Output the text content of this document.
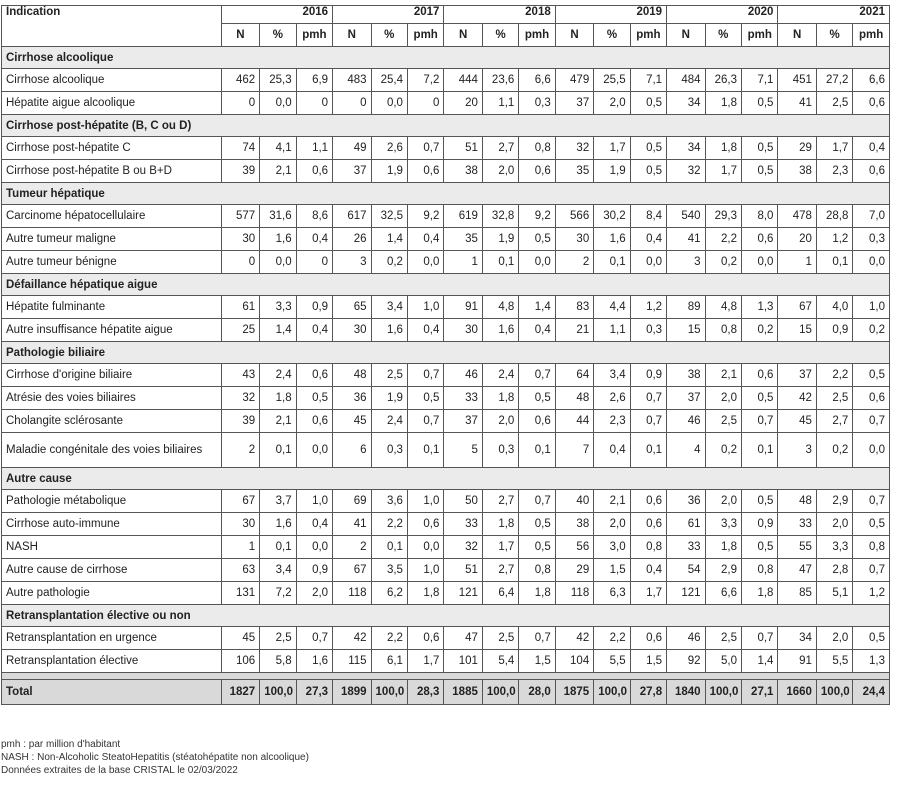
Indication	2016			2017			2018			2019			2020			2021		
	N	%	pmh	N	%	pmh	N	%	pmh	N	%	pmh	N	%	pmh	N	%	pmh
Cirrhose alcoolique																		
Cirrhose alcoolique	462	25,3	6,9	483	25,4	7,2	444	23,6	6,6	479	25,5	7,1	484	26,3	7,1	451	27,2	6,6
Hépatite aigue alcoolique	0	0,0	0	0	0,0	0	20	1,1	0,3	37	2,0	0,5	34	1,8	0,5	41	2,5	0,6
Cirrhose post-hépatite (B, C ou D)																		
Cirrhose post-hépatite C	74	4,1	1,1	49	2,6	0,7	51	2,7	0,8	32	1,7	0,5	34	1,8	0,5	29	1,7	0,4
Cirrhose post-hépatite B ou B+D	39	2,1	0,6	37	1,9	0,6	38	2,0	0,6	35	1,9	0,5	32	1,7	0,5	38	2,3	0,6
Tumeur hépatique																		
Carcinome hépatocellulaire	577	31,6	8,6	617	32,5	9,2	619	32,8	9,2	566	30,2	8,4	540	29,3	8,0	478	28,8	7,0
Autre tumeur maligne	30	1,6	0,4	26	1,4	0,4	35	1,9	0,5	30	1,6	0,4	41	2,2	0,6	20	1,2	0,3
Autre tumeur bénigne	0	0,0	0	3	0,2	0,0	1	0,1	0,0	2	0,1	0,0	3	0,2	0,0	1	0,1	0,0
Défaillance hépatique aigue																		
Hépatite fulminante	61	3,3	0,9	65	3,4	1,0	91	4,8	1,4	83	4,4	1,2	89	4,8	1,3	67	4,0	1,0
Autre insuffisance hépatite aigue	25	1,4	0,4	30	1,6	0,4	30	1,6	0,4	21	1,1	0,3	15	0,8	0,2	15	0,9	0,2
Pathologie biliaire																		
Cirrhose d'origine biliaire	43	2,4	0,6	48	2,5	0,7	46	2,4	0,7	64	3,4	0,9	38	2,1	0,6	37	2,2	0,5
Atrésie des voies biliaires	32	1,8	0,5	36	1,9	0,5	33	1,8	0,5	48	2,6	0,7	37	2,0	0,5	42	2,5	0,6
Cholangite sclérosante	39	2,1	0,6	45	2,4	0,7	37	2,0	0,6	44	2,3	0,7	46	2,5	0,7	45	2,7	0,7
Maladie congénitale des voies biliaires	2	0,1	0,0	6	0,3	0,1	5	0,3	0,1	7	0,4	0,1	4	0,2	0,1	3	0,2	0,0
Autre cause																		
Pathologie métabolique	67	3,7	1,0	69	3,6	1,0	50	2,7	0,7	40	2,1	0,6	36	2,0	0,5	48	2,9	0,7
Cirrhose auto-immune	30	1,6	0,4	41	2,2	0,6	33	1,8	0,5	38	2,0	0,6	61	3,3	0,9	33	2,0	0,5
NASH	1	0,1	0,0	2	0,1	0,0	32	1,7	0,5	56	3,0	0,8	33	1,8	0,5	55	3,3	0,8
Autre cause de cirrhose	63	3,4	0,9	67	3,5	1,0	51	2,7	0,8	29	1,5	0,4	54	2,9	0,8	47	2,8	0,7
Autre pathologie	131	7,2	2,0	118	6,2	1,8	121	6,4	1,8	118	6,3	1,7	121	6,6	1,8	85	5,1	1,2
Retransplantation élective ou non																		
Retransplantation en urgence	45	2,5	0,7	42	2,2	0,6	47	2,5	0,7	42	2,2	0,6	46	2,5	0,7	34	2,0	0,5
Retransplantation élective	106	5,8	1,6	115	6,1	1,7	101	5,4	1,5	104	5,5	1,5	92	5,0	1,4	91	5,5	1,3

Total	1827	100,0	27,3	1899	100,0	28,3	1885	100,0	28,0	1875	100,0	27,8	1840	100,0	27,1	1660	100,0	24,4
pmh : par million d'habitant
NASH : Non-Alcoholic SteatoHepatitis (stéatohépatite non alcoolique)
Données extraites de la base CRISTAL le 02/03/2022
